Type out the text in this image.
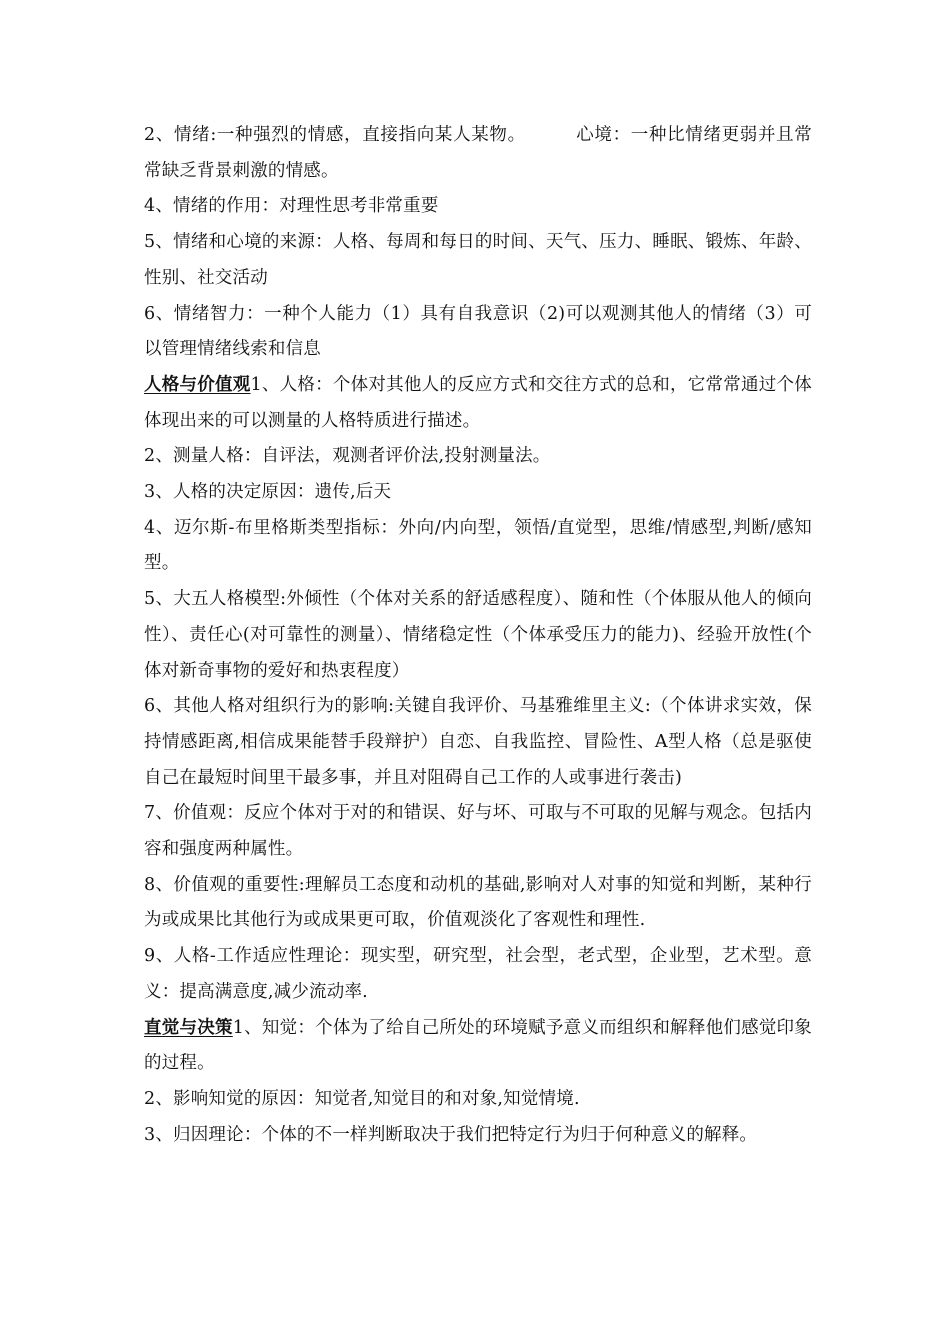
2、情绪:一种强烈的情感，直接指向某人某物。	心境：一种比情绪更弱并且常常缺乏背景刺激的情感。

4、情绪的作用：对理性思考非常重要

5、情绪和心境的来源：人格、每周和每日的时间、天气、压力、睡眠、锻炼、年龄、性别、社交活动

6、情绪智力：一种个人能力（1）具有自我意识（2)可以观测其他人的情绪（3）可以管理情绪线索和信息

人格与价值观1、人格：个体对其他人的反应方式和交往方式的总和，它常常通过个体体现出来的可以测量的人格特质进行描述。

2、测量人格：自评法，观测者评价法,投射测量法。

3、人格的决定原因：遗传,后天

4、迈尔斯-布里格斯类型指标：外向/内向型，领悟/直觉型，思维/情感型,判断/感知型。

5、大五人格模型:外倾性（个体对关系的舒适感程度）、随和性（个体服从他人的倾向性）、责任心(对可靠性的测量）、情绪稳定性（个体承受压力的能力)、经验开放性(个体对新奇事物的爱好和热衷程度）

6、其他人格对组织行为的影响:关键自我评价、马基雅维里主义:（个体讲求实效，保持情感距离,相信成果能替手段辩护）自恋、自我监控、冒险性、A型人格（总是驱使自己在最短时间里干最多事，并且对阻碍自己工作的人或事进行袭击)

7、价值观：反应个体对于对的和错误、好与坏、可取与不可取的见解与观念。包括内容和强度两种属性。

8、价值观的重要性:理解员工态度和动机的基础,影响对人对事的知觉和判断，某种行为或成果比其他行为或成果更可取，价值观淡化了客观性和理性.

9、人格-工作适应性理论：现实型，研究型，社会型，老式型，企业型，艺术型。意义：提高满意度,减少流动率.

直觉与决策1、知觉：个体为了给自己所处的环境赋予意义而组织和解释他们感觉印象的过程。

2、影响知觉的原因：知觉者,知觉目的和对象,知觉情境.

3、归因理论：个体的不一样判断取决于我们把特定行为归于何种意义的解释。
